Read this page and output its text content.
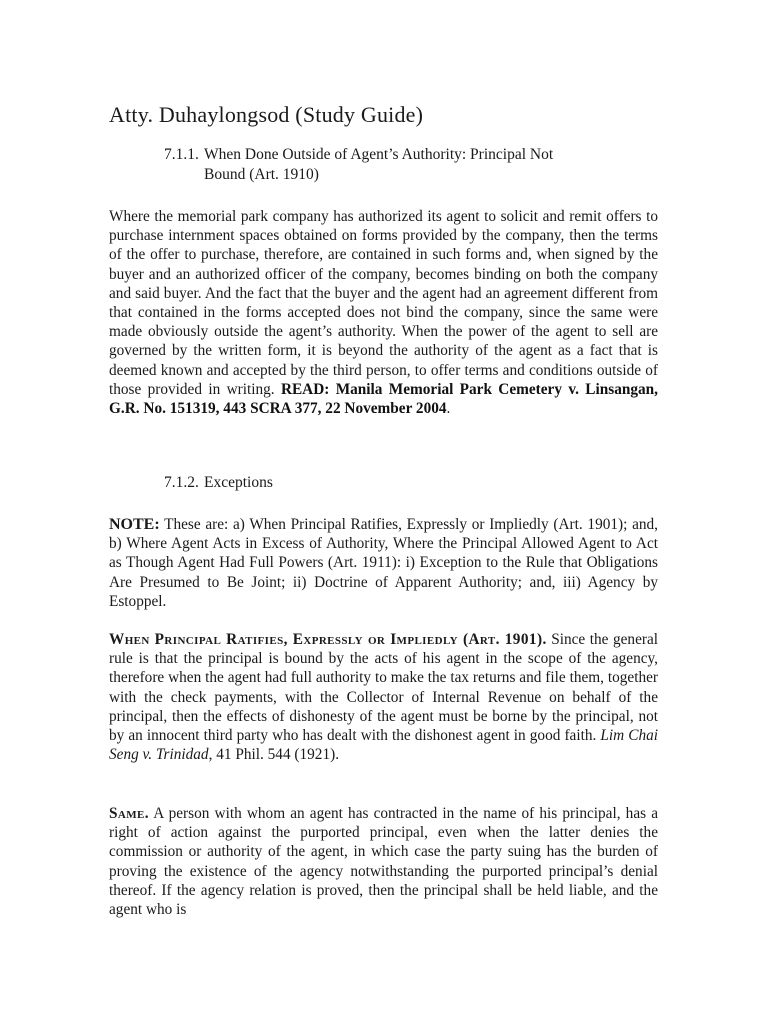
Atty. Duhaylongsod (Study Guide)
7.1.1. When Done Outside of Agent’s Authority: Principal Not
Bound (Art. 1910)

Where the memorial park company has authorized its agent to solicit and remit offers to purchase internment spaces obtained on forms provided by the company, then the terms of the offer to purchase, therefore, are contained in such forms and, when signed by the buyer and an authorized officer of the company, becomes binding on both the company and said buyer. And the fact that the buyer and the agent had an agreement different from that contained in the forms accepted does not bind the company, since the same were made obviously outside the agent’s authority. When the power of the agent to sell are governed by the written form, it is beyond the authority of the agent as a fact that is deemed known and accepted by the third person, to offer terms and conditions outside of those provided in writing. READ: Manila Memorial Park Cemetery v. Linsangan, G.R. No. 151319, 443 SCRA 377, 22 November 2004.

7.1.2. Exceptions

NOTE: These are: a) When Principal Ratifies, Expressly or Impliedly (Art. 1901); and, b) Where Agent Acts in Excess of Authority, Where the Principal Allowed Agent to Act as Though Agent Had Full Powers (Art. 1911): i) Exception to the Rule that Obligations Are Presumed to Be Joint; ii) Doctrine of Apparent Authority; and, iii) Agency by Estoppel.

When Principal Ratifies, Expressly or Impliedly (Art. 1901). Since the general rule is that the principal is bound by the acts of his agent in the scope of the agency, therefore when the agent had full authority to make the tax returns and file them, together with the check payments, with the Collector of Internal Revenue on behalf of the principal, then the effects of dishonesty of the agent must be borne by the principal, not by an innocent third party who has dealt with the dishonest agent in good faith. Lim Chai Seng v. Trinidad, 41 Phil. 544 (1921).

Same. A person with whom an agent has contracted in the name of his principal, has a right of action against the purported principal, even when the latter denies the commission or authority of the agent, in which case the party suing has the burden of proving the existence of the agency notwithstanding the purported principal’s denial thereof. If the agency relation is proved, then the principal shall be held liable, and the agent who is
